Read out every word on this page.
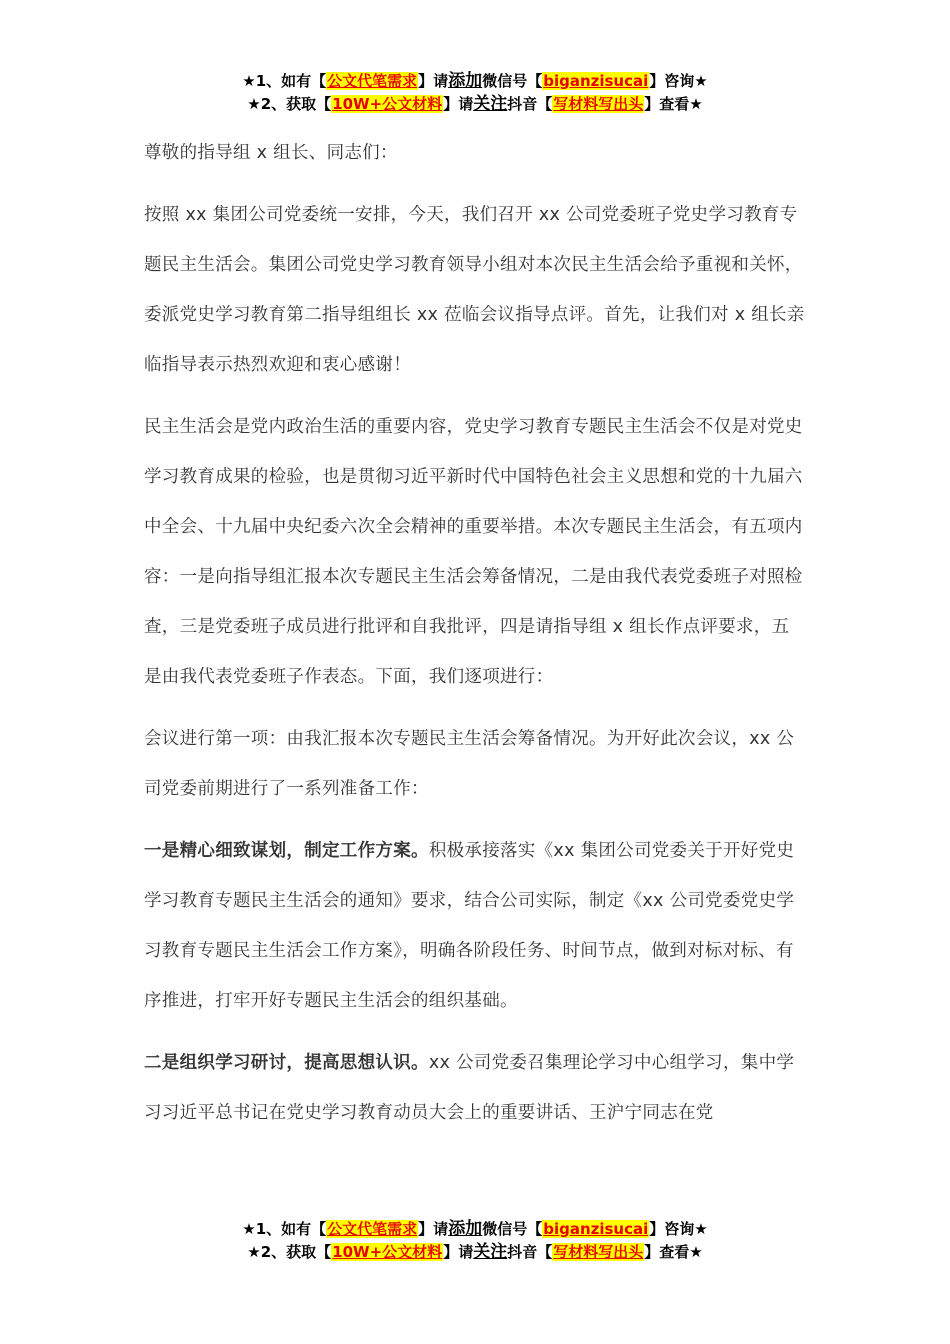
★1、如有【公文代笔需求】请添加微信号【biganzisucai】咨询★
★2、获取【10W+公文材料】请关注抖音【写材料写出头】查看★

尊敬的指导组 x 组长、同志们：

按照 xx 集团公司党委统一安排，今天，我们召开 xx 公司党委班子党史学习教育专题民主生活会。集团公司党史学习教育领导小组对本次民主生活会给予重视和关怀，委派党史学习教育第二指导组组长 xx 莅临会议指导点评。首先，让我们对 x 组长亲临指导表示热烈欢迎和衷心感谢！

民主生活会是党内政治生活的重要内容，党史学习教育专题民主生活会不仅是对党史学习教育成果的检验，也是贯彻习近平新时代中国特色社会主义思想和党的十九届六中全会、十九届中央纪委六次全会精神的重要举措。本次专题民主生活会，有五项内容：一是向指导组汇报本次专题民主生活会筹备情况，二是由我代表党委班子对照检查，三是党委班子成员进行批评和自我批评，四是请指导组 x 组长作点评要求，五是由我代表党委班子作表态。下面，我们逐项进行：

会议进行第一项：由我汇报本次专题民主生活会筹备情况。为开好此次会议，xx 公司党委前期进行了一系列准备工作：

一是精心细致谋划，制定工作方案。积极承接落实《xx 集团公司党委关于开好党史学习教育专题民主生活会的通知》要求，结合公司实际，制定《xx 公司党委党史学习教育专题民主生活会工作方案》，明确各阶段任务、时间节点，做到对标对标、有序推进，打牢开好专题民主生活会的组织基础。

二是组织学习研讨，提高思想认识。xx 公司党委召集理论学习中心组学习，集中学习习近平总书记在党史学习教育动员大会上的重要讲话、王沪宁同志在党

★1、如有【公文代笔需求】请添加微信号【biganzisucai】咨询★
★2、获取【10W+公文材料】请关注抖音【写材料写出头】查看★
